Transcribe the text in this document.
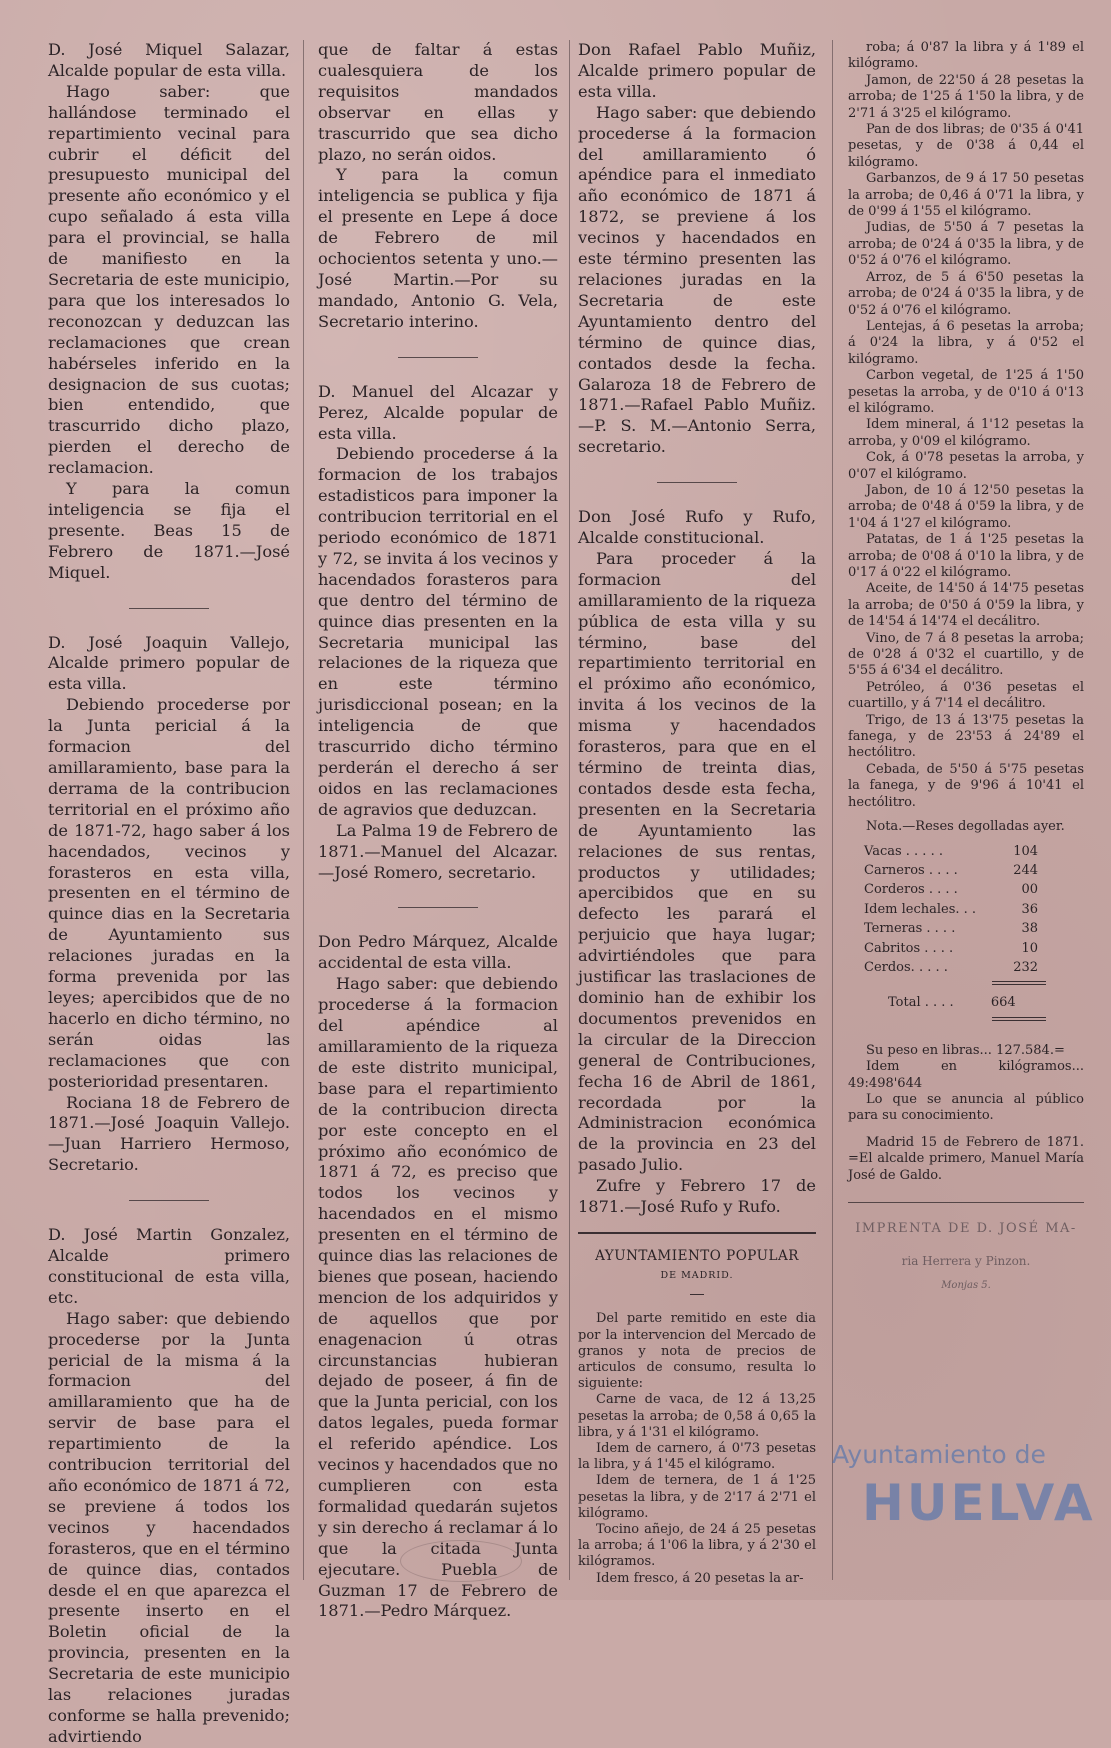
D. José Miquel Salazar, Alcalde popular de esta villa.

Hago saber: que hallándose terminado el repartimiento vecinal para cubrir el déficit del presupuesto municipal del presente año económico y el cupo señalado á esta villa para el provincial, se halla de manifiesto en la Secretaria de este municipio, para que los interesados lo reconozcan y deduzcan las reclamaciones que crean habérseles inferido en la designacion de sus cuotas; bien entendido, que trascurrido dicho plazo, pierden el derecho de reclamacion.

Y para la comun inteligencia se fija el presente. Beas 15 de Febrero de 1871.—José Miquel.

D. José Joaquin Vallejo, Alcalde primero popular de esta villa.

Debiendo procederse por la Junta pericial á la formacion del amillaramiento, base para la derrama de la contribucion territorial en el próximo año de 1871-72, hago saber á los hacendados, vecinos y forasteros en esta villa, presenten en el término de quince dias en la Secretaria de Ayuntamiento sus relaciones juradas en la forma prevenida por las leyes; apercibidos que de no hacerlo en dicho término, no serán oidas las reclamaciones que con posterioridad presentaren.

Rociana 18 de Febrero de 1871.—José Joaquin Vallejo.—Juan Harriero Hermoso, Secretario.

D. José Martin Gonzalez, Alcalde primero constitucional de esta villa, etc.

Hago saber: que debiendo procederse por la Junta pericial de la misma á la formacion del amillaramiento que ha de servir de base para el repartimiento de la contribucion territorial del año económico de 1871 á 72, se previene á todos los vecinos y hacendados forasteros, que en el término de quince dias, contados desde el en que aparezca el presente inserto en el Boletin oficial de la provincia, presenten en la Secretaria de este municipio las relaciones juradas conforme se halla prevenido; advirtiendo

que de faltar á estas cualesquiera de los requisitos mandados observar en ellas y trascurrido que sea dicho plazo, no serán oidos.

Y para la comun inteligencia se publica y fija el presente en Lepe á doce de Febrero de mil ochocientos setenta y uno.—José Martin.—Por su mandado, Antonio G. Vela, Secretario interino.

D. Manuel del Alcazar y Perez, Alcalde popular de esta villa.

Debiendo procederse á la formacion de los trabajos estadisticos para imponer la contribucion territorial en el periodo económico de 1871 y 72, se invita á los vecinos y hacendados forasteros para que dentro del término de quince dias presenten en la Secretaria municipal las relaciones de la riqueza que en este término jurisdiccional posean; en la inteligencia de que trascurrido dicho término perderán el derecho á ser oidos en las reclamaciones de agravios que deduzcan.

La Palma 19 de Febrero de 1871.—Manuel del Alcazar.—José Romero, secretario.

Don Pedro Márquez, Alcalde accidental de esta villa.

Hago saber: que debiendo procederse á la formacion del apéndice al amillaramiento de la riqueza de este distrito municipal, base para el repartimiento de la contribucion directa por este concepto en el próximo año económico de 1871 á 72, es preciso que todos los vecinos y hacendados en el mismo presenten en el término de quince dias las relaciones de bienes que posean, haciendo mencion de los adquiridos y de aquellos que por enagenacion ú otras circunstancias hubieran dejado de poseer, á fin de que la Junta pericial, con los datos legales, pueda formar el referido apéndice. Los vecinos y hacendados que no cumplieren con esta formalidad quedarán sujetos y sin derecho á reclamar á lo que la citada Junta ejecutare. Puebla de Guzman 17 de Febrero de 1871.—Pedro Márquez.

Don Rafael Pablo Muñiz, Alcalde primero popular de esta villa.

Hago saber: que debiendo procederse á la formacion del amillaramiento ó apéndice para el inmediato año económico de 1871 á 1872, se previene á los vecinos y hacendados en este término presenten las relaciones juradas en la Secretaria de este Ayuntamiento dentro del término de quince dias, contados desde la fecha. Galaroza 18 de Febrero de 1871.—Rafael Pablo Muñiz.—P. S. M.—Antonio Serra, secretario.

Don José Rufo y Rufo, Alcalde constitucional.

Para proceder á la formacion del amillaramiento de la riqueza pública de esta villa y su término, base del repartimiento territorial en el próximo año económico, invita á los vecinos de la misma y hacendados forasteros, para que en el término de treinta dias, contados desde esta fecha, presenten en la Secretaria de Ayuntamiento las relaciones de sus rentas, productos y utilidades; apercibidos que en su defecto les parará el perjuicio que haya lugar; advirtiéndoles que para justificar las traslaciones de dominio han de exhibir los documentos prevenidos en la circular de la Direccion general de Contribuciones, fecha 16 de Abril de 1861, recordada por la Administracion económica de la provincia en 23 del pasado Julio.

Zufre y Febrero 17 de 1871.—José Rufo y Rufo.

AYUNTAMIENTO POPULAR
DE MADRID.

Del parte remitido en este dia por la intervencion del Mercado de granos y nota de precios de articulos de consumo, resulta lo siguiente:

Carne de vaca, de 12 á 13,25 pesetas la arroba; de 0,58 á 0,65 la libra, y á 1'31 el kilógramo.

Idem de carnero, á 0'73 pesetas la libra, y á 1'45 el kilógramo.

Idem de ternera, de 1 á 1'25 pesetas la libra, y de 2'17 á 2'71 el kilógramo.

Tocino añejo, de 24 á 25 pesetas la arroba; á 1'06 la libra, y á 2'30 el kilógramos.

Idem fresco, á 20 pesetas la ar-

roba; á 0'87 la libra y á 1'89 el kilógramo.

Jamon, de 22'50 á 28 pesetas la arroba; de 1'25 á 1'50 la libra, y de 2'71 á 3'25 el kilógramo.

Pan de dos libras; de 0'35 á 0'41 pesetas, y de 0'38 á 0,44 el kilógramo.

Garbanzos, de 9 á 17 50 pesetas la arroba; de 0,46 á 0'71 la libra, y de 0'99 á 1'55 el kilógramo.

Judias, de 5'50 á 7 pesetas la arroba; de 0'24 á 0'35 la libra, y de 0'52 á 0'76 el kilógramo.

Arroz, de 5 á 6'50 pesetas la arroba; de 0'24 á 0'35 la libra, y de 0'52 á 0'76 el kilógramo.

Lentejas, á 6 pesetas la arroba; á 0'24 la libra, y á 0'52 el kilógramo.

Carbon vegetal, de 1'25 á 1'50 pesetas la arroba, y de 0'10 á 0'13 el kilógramo.

Idem mineral, á 1'12 pesetas la arroba, y 0'09 el kilógramo.

Cok, á 0'78 pesetas la arroba, y 0'07 el kilógramo.

Jabon, de 10 á 12'50 pesetas la arroba; de 0'48 á 0'59 la libra, y de 1'04 á 1'27 el kilógramo.

Patatas, de 1 á 1'25 pesetas la arroba; de 0'08 á 0'10 la libra, y de 0'17 á 0'22 el kilógramo.

Aceite, de 14'50 á 14'75 pesetas la arroba; de 0'50 á 0'59 la libra, y de 14'54 á 14'74 el decálitro.

Vino, de 7 á 8 pesetas la arroba; de 0'28 á 0'32 el cuartillo, y de 5'55 á 6'34 el decálitro.

Petróleo, á 0'36 pesetas el cuartillo, y á 7'14 el decálitro.

Trigo, de 13 á 13'75 pesetas la fanega, y de 23'53 á 24'89 el hectólitro.

Cebada, de 5'50 á 5'75 pesetas la fanega, y de 9'96 á 10'41 el hectólitro.

Nota.—Reses degolladas ayer.

Vacas . . . . .	104
Carneros . . . .	244
Corderos . . . .	00
Idem lechales. . .	36
Terneras . . . .	38
Cabritos . . . .	10
Cerdos. . . . .	232
Total . . . .	664

Su peso en libras... 127.584.=

Idem en kilógramos... 49:498'644

Lo que se anuncia al público para su conocimiento.

Madrid 15 de Febrero de 1871. =El alcalde primero, Manuel María José de Galdo.

IMPRENTA DE D. JOSÉ MA-
ria Herrera y Pinzon.
Monjas 5.
Ayuntamiento de
HUELVA
